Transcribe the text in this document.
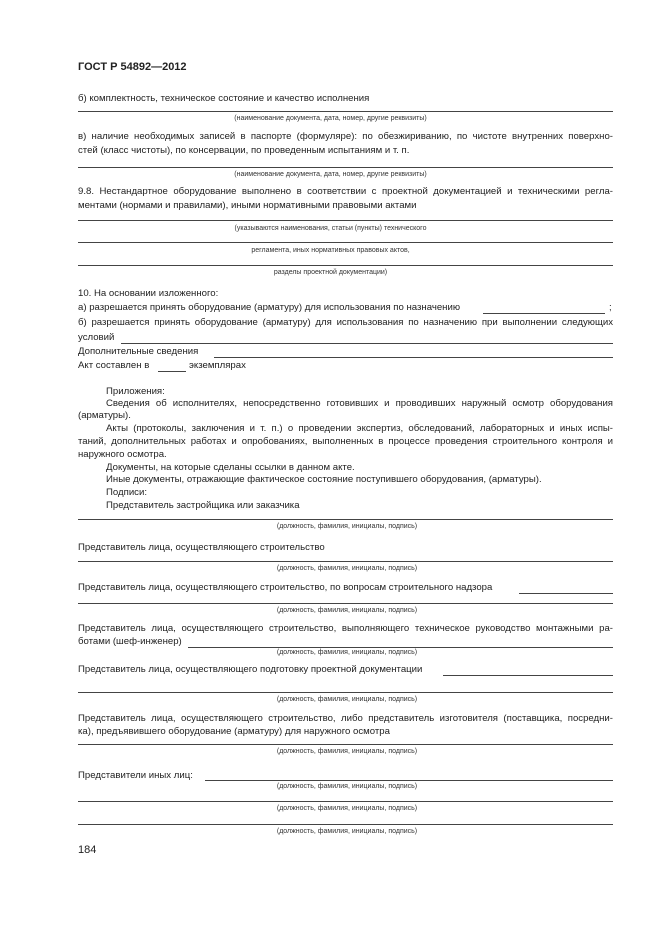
ГОСТ Р 54892—2012
б) комплектность, техническое состояние и качество исполнения
(наименование документа, дата, номер, другие реквизиты)
в) наличие необходимых записей в паспорте (формуляре): по обезжириванию, по чистоте внутренних поверхно-
стей (класс чистоты), по консервации, по проведенным испытаниям и т. п.
(наименование документа, дата, номер, другие реквизиты)
9.8. Нестандартное оборудование выполнено в соответствии с проектной документацией и техническими регла-
ментами (нормами и правилами), иными нормативными правовыми актами
(указываются наименования, статьи (пункты) технического
регламента, иных нормативных правовых актов,
разделы проектной документации)
10. На основании изложенного:
а) разрешается принять оборудование (арматуру) для использования по назначению	;
б) разрешается принять оборудование (арматуру) для использования по назначению при выполнении следующих
условий
Дополнительные сведения
Акт составлен в	экземплярах
Приложения:
Сведения об исполнителях, непосредственно готовивших и проводивших наружный осмотр оборудования
(арматуры).
Акты (протоколы, заключения и т. п.) о проведении экспертиз, обследований, лабораторных и иных испы-
таний, дополнительных работах и опробованиях, выполненных в процессе проведения строительного контроля и
наружного осмотра.
Документы, на которые сделаны ссылки в данном акте.
Иные документы, отражающие фактическое состояние поступившего оборудования, (арматуры).
Подписи:
Представитель застройщика или заказчика
(должность, фамилия, инициалы, подпись)
Представитель лица, осуществляющего строительство
(должность, фамилия, инициалы, подпись)
Представитель лица, осуществляющего строительство, по вопросам строительного надзора
(должность, фамилия, инициалы, подпись)
Представитель лица, осуществляющего строительство, выполняющего техническое руководство монтажными ра-
ботами (шеф-инженер)
(должность, фамилия, инициалы, подпись)
Представитель лица, осуществляющего подготовку проектной документации
(должность, фамилия, инициалы, подпись)
Представитель лица, осуществляющего строительство, либо представитель изготовителя (поставщика, посредни-
ка), предъявившего оборудование (арматуру) для наружного осмотра
(должность, фамилия, инициалы, подпись)
Представители иных лиц:
(должность, фамилия, инициалы, подпись)
(должность, фамилия, инициалы, подпись)
(должность, фамилия, инициалы, подпись)
184
